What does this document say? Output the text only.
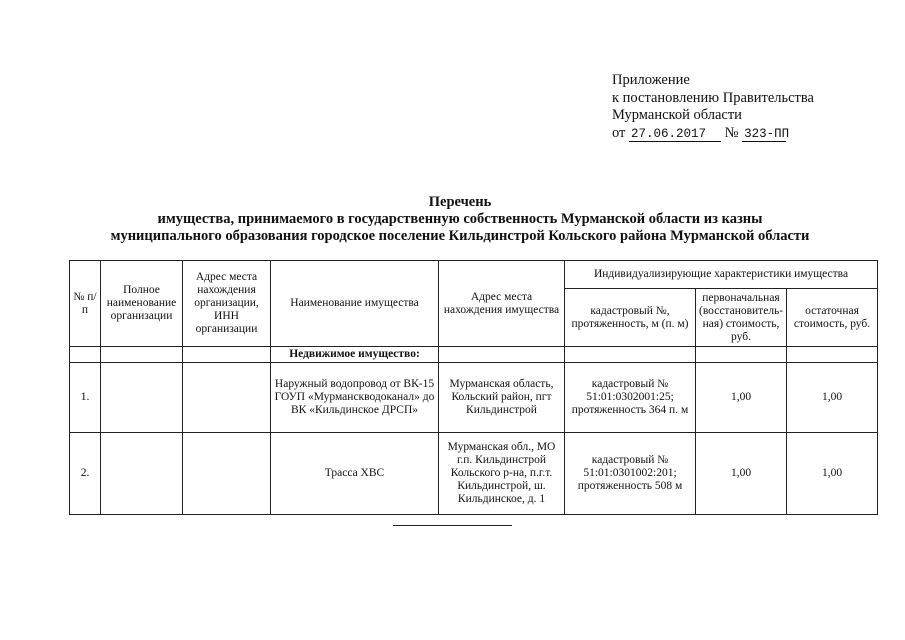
Приложение
к постановлению Правительства
Мурманской области
от 27.06.2017 № 323-ПП
Перечень
имущества, принимаемого в государственную собственность Мурманской области из казны
муниципального образования городское поселение Кильдинстрой Кольского района Мурманской области
№ п/п	Полное наименование организации	Адрес места нахождения организации, ИНН организации	Наименование имущества	Адрес места нахождения имущества	Индивидуализирующие характеристики имущества		
					кадастровый №, протяженность, м (п. м)	первоначальная (восстановитель-ная) стоимость, руб.	остаточная стоимость, руб.
			Недвижимое имущество:				
1.			Наружный водопровод от ВК-15 ГОУП «Мурманскводоканал» до ВК «Кильдинское ДРСП»	Мурманская область, Кольский район, пгт Кильдинстрой	кадастровый № 51:01:0302001:25; протяженность 364 п. м	1,00	1,00
2.			Трасса ХВС	Мурманская обл., МО г.п. Кильдинстрой Кольского р-на, п.г.т. Кильдинстрой, ш. Кильдинское, д. 1	кадастровый № 51:01:0301002:201; протяженность 508 м	1,00	1,00
